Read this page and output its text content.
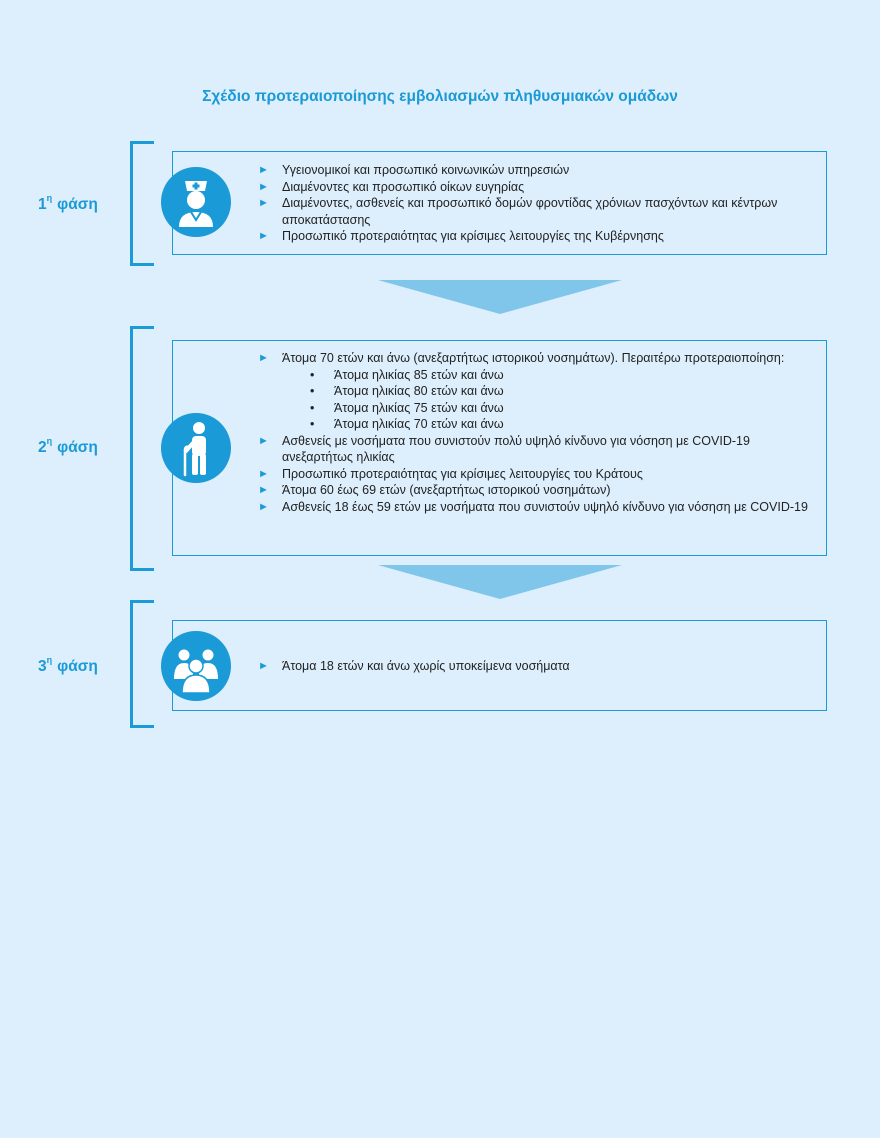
Σχέδιο προτεραιοποίησης εμβολιασμών πληθυσμιακών ομάδων
$1^\eta$ φάση
► Υγειονομικοί και προσωπικό κοινωνικών υπηρεσιών
► Διαμένοντες και προσωπικό οίκων ευγηρίας
► Διαμένοντες, ασθενείς και προσωπικό δομών φροντίδας χρόνιων πασχόντων και κέντρων αποκατάστασης
► Προσωπικό προτεραιότητας για κρίσιμες λειτουργίες της Κυβέρνησης
$2^\eta$ φάση
► Άτομα 70 ετών και άνω (ανεξαρτήτως ιστορικού νοσημάτων). Περαιτέρω προτεραιοποίηση:
• Άτομα ηλικίας 85 ετών και άνω
• Άτομα ηλικίας 80 ετών και άνω
• Άτομα ηλικίας 75 ετών και άνω
• Άτομα ηλικίας 70 ετών και άνω
► Ασθενείς με νοσήματα που συνιστούν πολύ υψηλό κίνδυνο για νόσηση με COVID-19 ανεξαρτήτως ηλικίας
► Προσωπικό προτεραιότητας για κρίσιμες λειτουργίες του Κράτους
► Άτομα 60 έως 69 ετών (ανεξαρτήτως ιστορικού νοσημάτων)
► Ασθενείς 18 έως 59 ετών με νοσήματα που συνιστούν υψηλό κίνδυνο για νόσηση με COVID-19
$3^\eta$ φάση	► Άτομα 18 ετών και άνω χωρίς υποκείμενα νοσήματα
